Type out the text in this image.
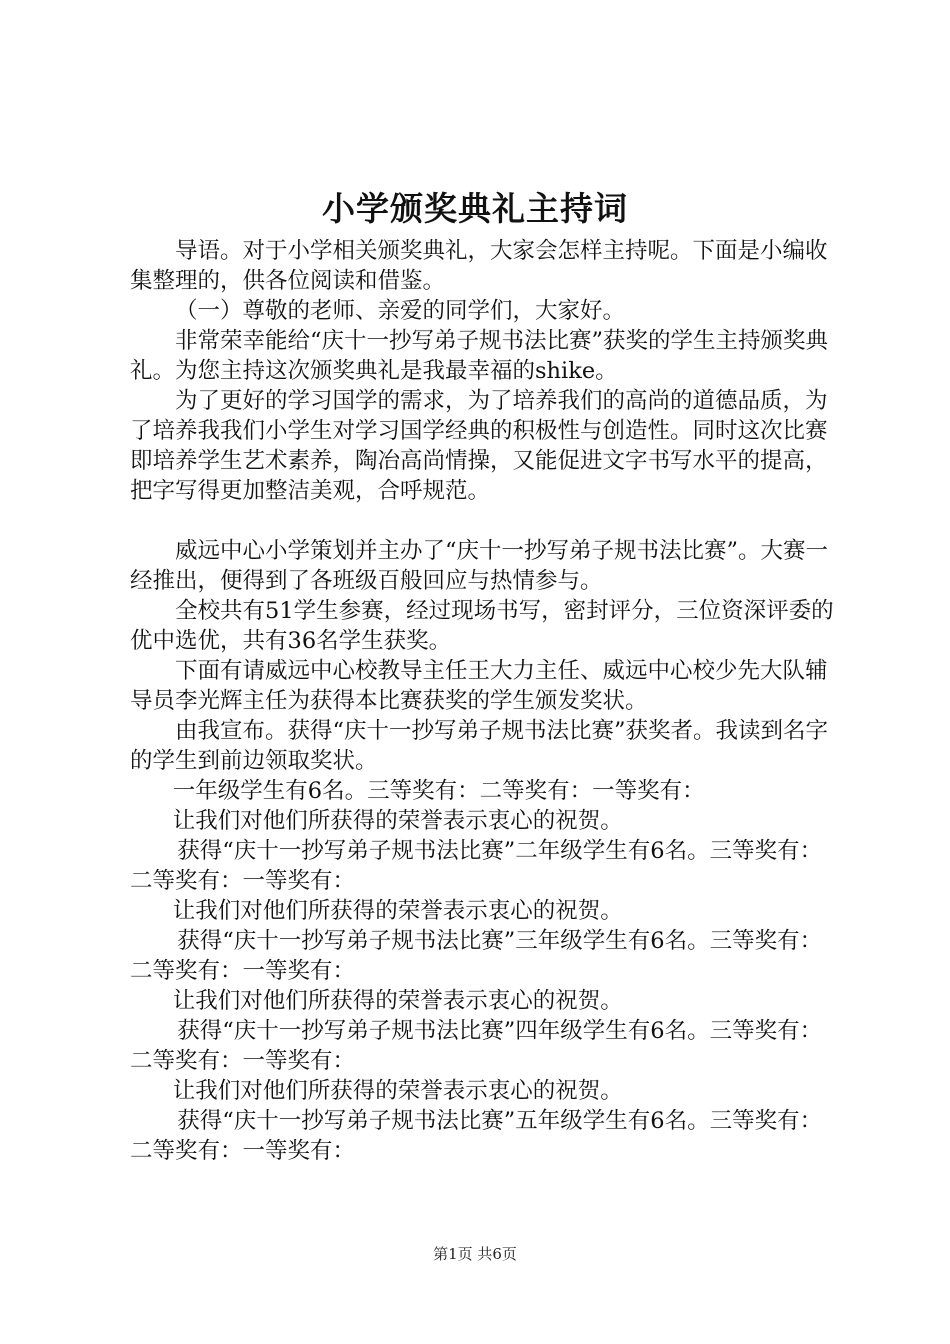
小学颁奖典礼主持词

导语。对于小学相关颁奖典礼，大家会怎样主持呢。下面是小编收集整理的，供各位阅读和借鉴。

（一）尊敬的老师、亲爱的同学们，大家好。

非常荣幸能给“庆十一抄写弟子规书法比赛”获奖的学生主持颁奖典礼。为您主持这次颁奖典礼是我最幸福的shike。

为了更好的学习国学的需求，为了培养我们的高尚的道德品质，为了培养我我们小学生对学习国学经典的积极性与创造性。同时这次比赛即培养学生艺术素养，陶冶高尚情操，又能促进文字书写水平的提高，把字写得更加整洁美观，合呼规范。

威远中心小学策划并主办了“庆十一抄写弟子规书法比赛”。大赛一经推出，便得到了各班级百般回应与热情参与。

全校共有51学生参赛，经过现场书写，密封评分，三位资深评委的优中选优，共有36名学生获奖。

下面有请威远中心校教导主任王大力主任、威远中心校少先大队辅导员李光辉主任为获得本比赛获奖的学生颁发奖状。

由我宣布。获得“庆十一抄写弟子规书法比赛”获奖者。我读到名字的学生到前边领取奖状。

一年级学生有6名。三等奖有：二等奖有：一等奖有：

让我们对他们所获得的荣誉表示衷心的祝贺。

获得“庆十一抄写弟子规书法比赛”二年级学生有6名。三等奖有：二等奖有：一等奖有：

让我们对他们所获得的荣誉表示衷心的祝贺。

获得“庆十一抄写弟子规书法比赛”三年级学生有6名。三等奖有：二等奖有：一等奖有：

让我们对他们所获得的荣誉表示衷心的祝贺。

获得“庆十一抄写弟子规书法比赛”四年级学生有6名。三等奖有：二等奖有：一等奖有：

让我们对他们所获得的荣誉表示衷心的祝贺。

获得“庆十一抄写弟子规书法比赛”五年级学生有6名。三等奖有：二等奖有：一等奖有：

第1页 共6页
